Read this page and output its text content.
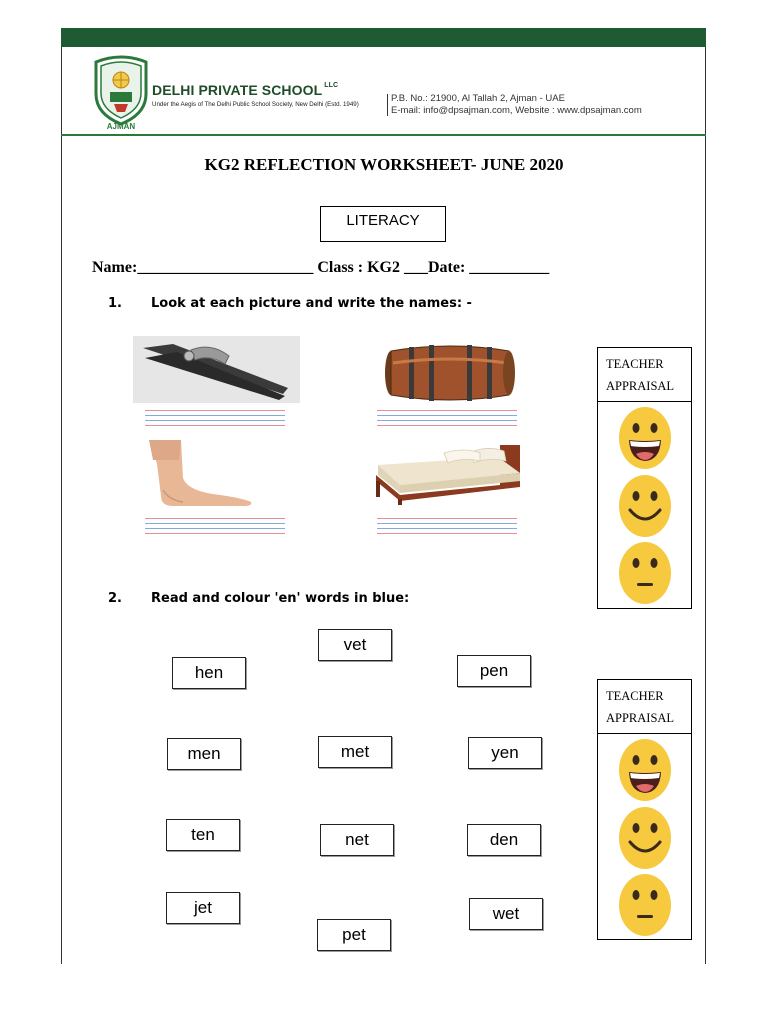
AJMAN
DELHI PRIVATE SCHOOL $^{LLC}$
Under the Aegis of The Delhi Public School Society, New Delhi (Estd. 1949)
P.B. No.: 21900, Al Tallah 2, Ajman - UAE
E-mail: info@dpsajman.com, Website : www.dpsajman.com
KG2 REFLECTION WORKSHEET- JUNE 2020
LITERACY
Name:______________________ Class : KG2 ___Date: __________
1. Look at each picture and write the names: -
TEACHER
APPRAISAL
2. Read and colour 'en' words in blue:
vet
hen	pen
men	met	yen
ten	net	den
jet	wet
pet
TEACHER
APPRAISAL
